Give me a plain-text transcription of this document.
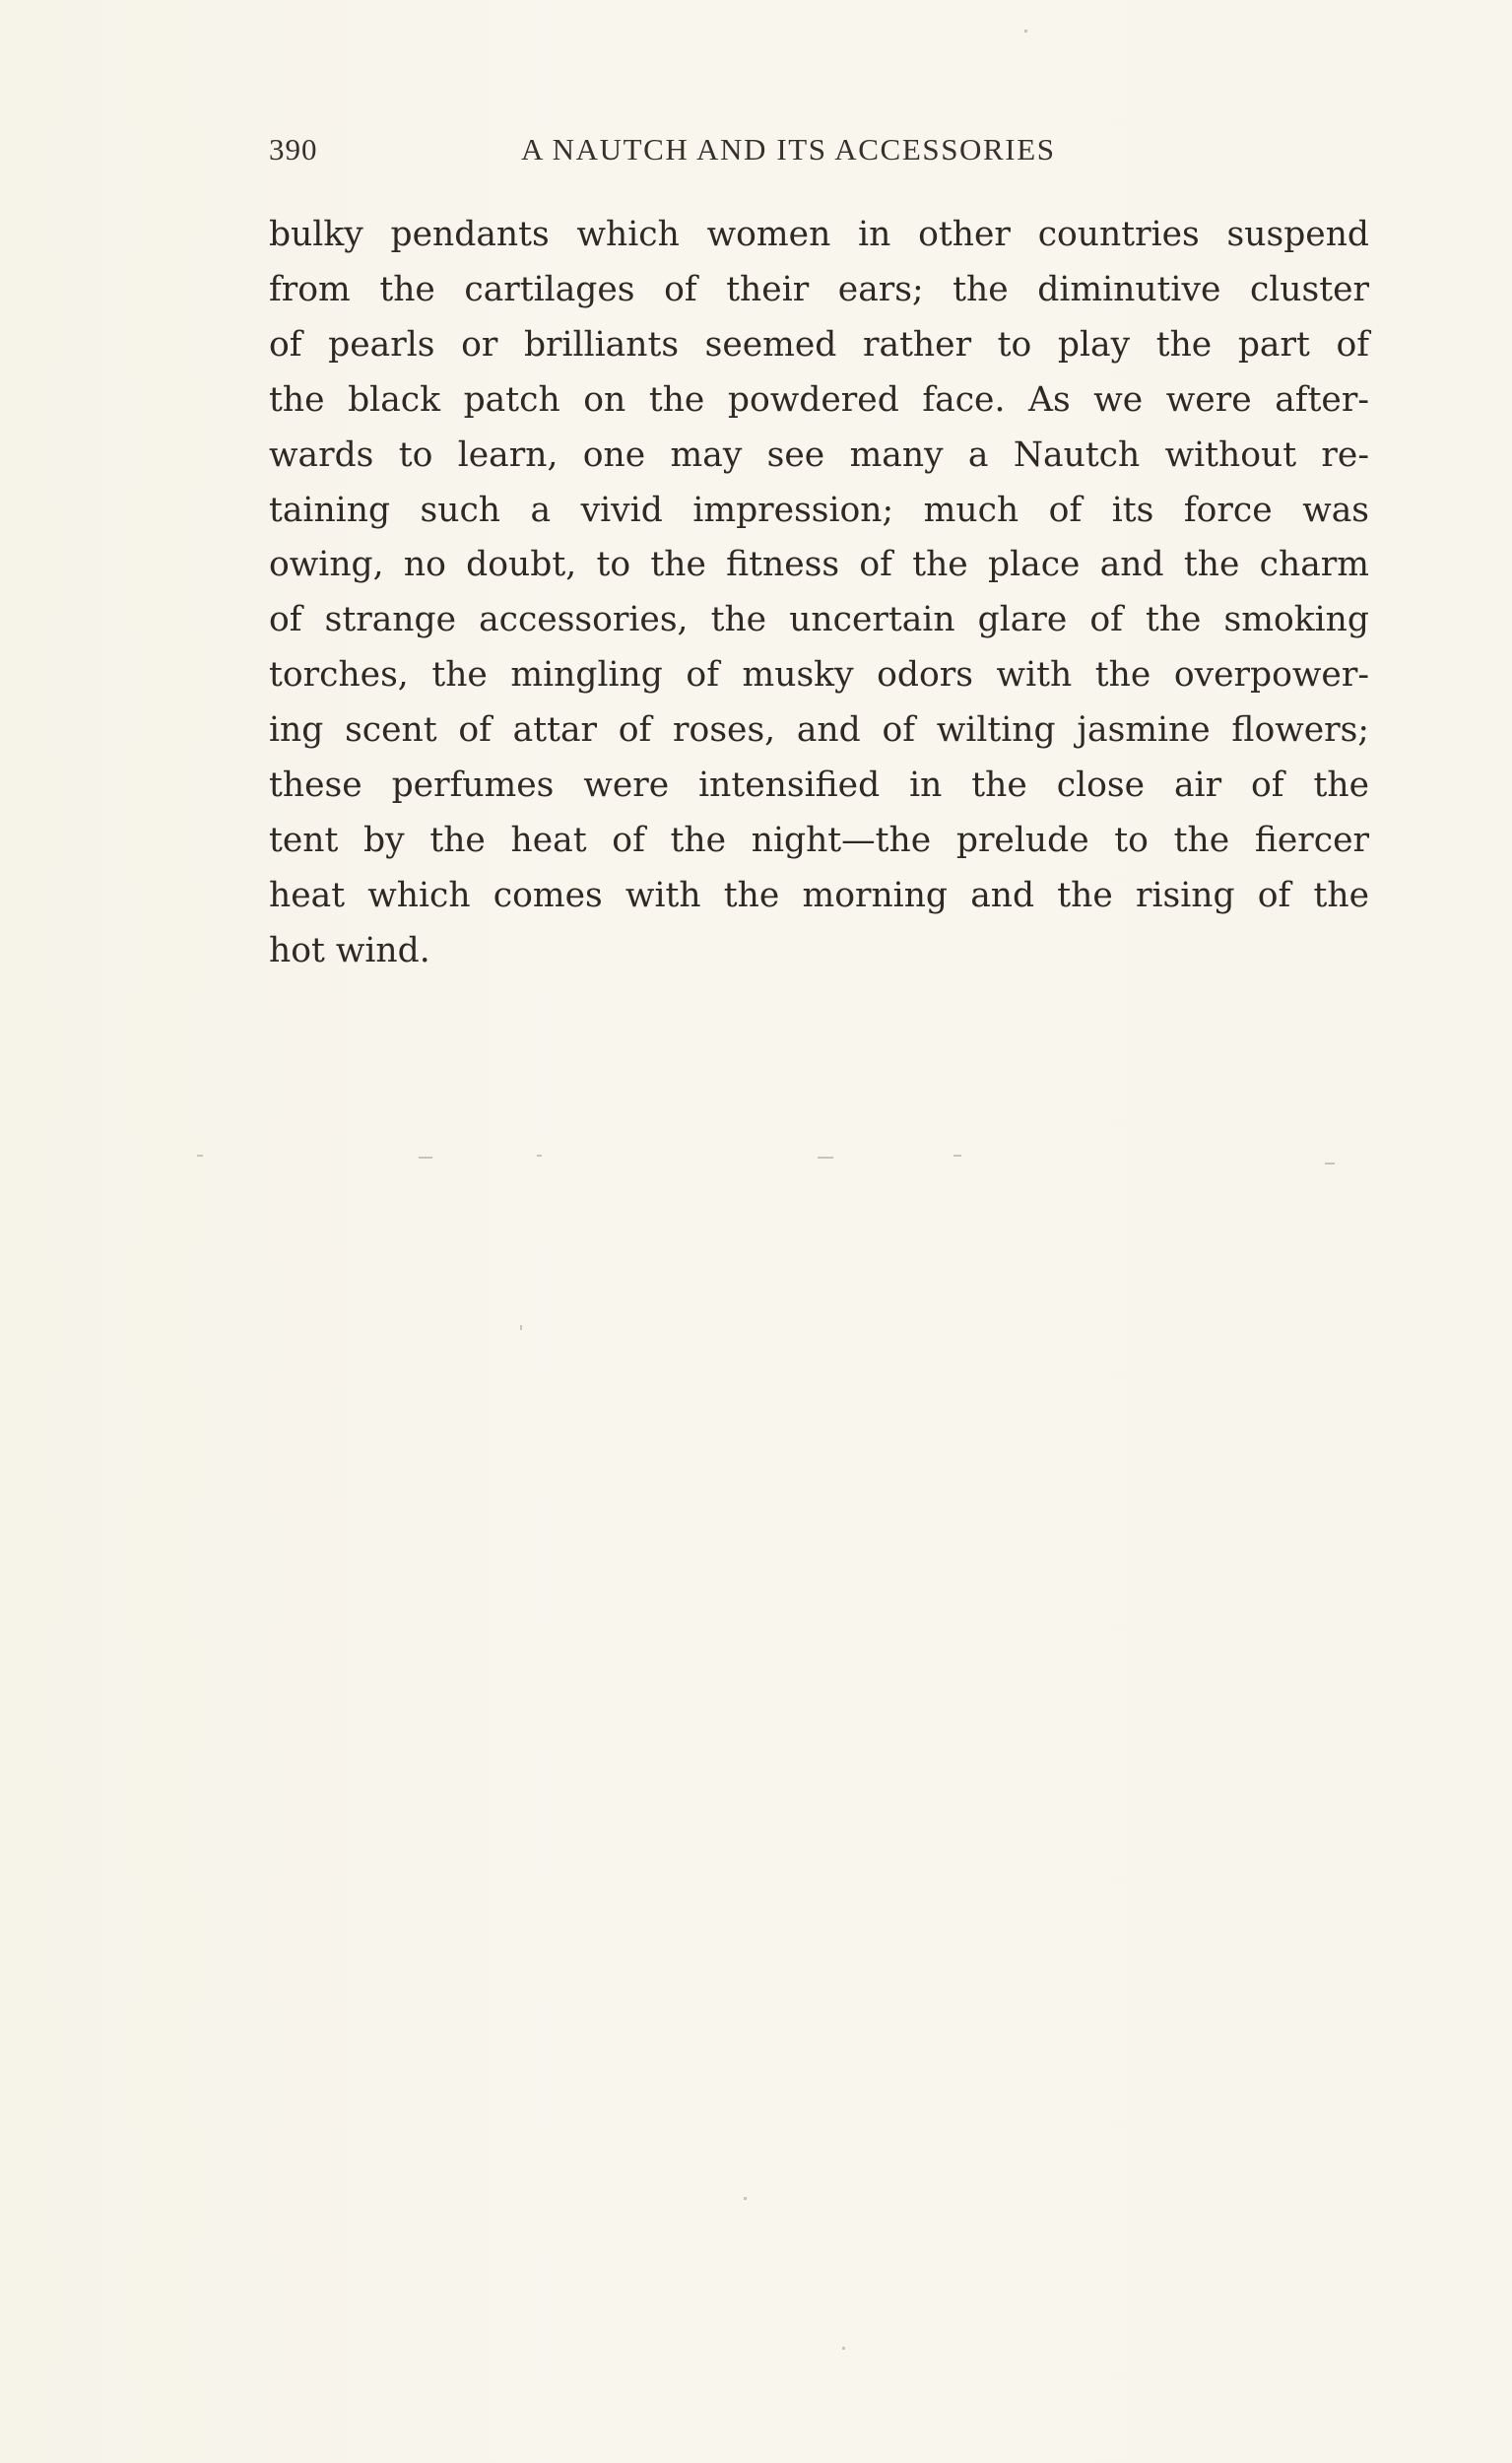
390	A NAUTCH AND ITS ACCESSORIES

bulky pendants which women in other countries suspend
from the cartilages of their ears; the diminutive cluster
of pearls or brilliants seemed rather to play the part of
the black patch on the powdered face. As we were after-
wards to learn, one may see many a Nautch without re-
taining such a vivid impression; much of its force was
owing, no doubt, to the fitness of the place and the charm
of strange accessories, the uncertain glare of the smoking
torches, the mingling of musky odors with the overpower-
ing scent of attar of roses, and of wilting jasmine flowers;
these perfumes were intensified in the close air of the
tent by the heat of the night—the prelude to the fiercer
heat which comes with the morning and the rising of the
hot wind.
